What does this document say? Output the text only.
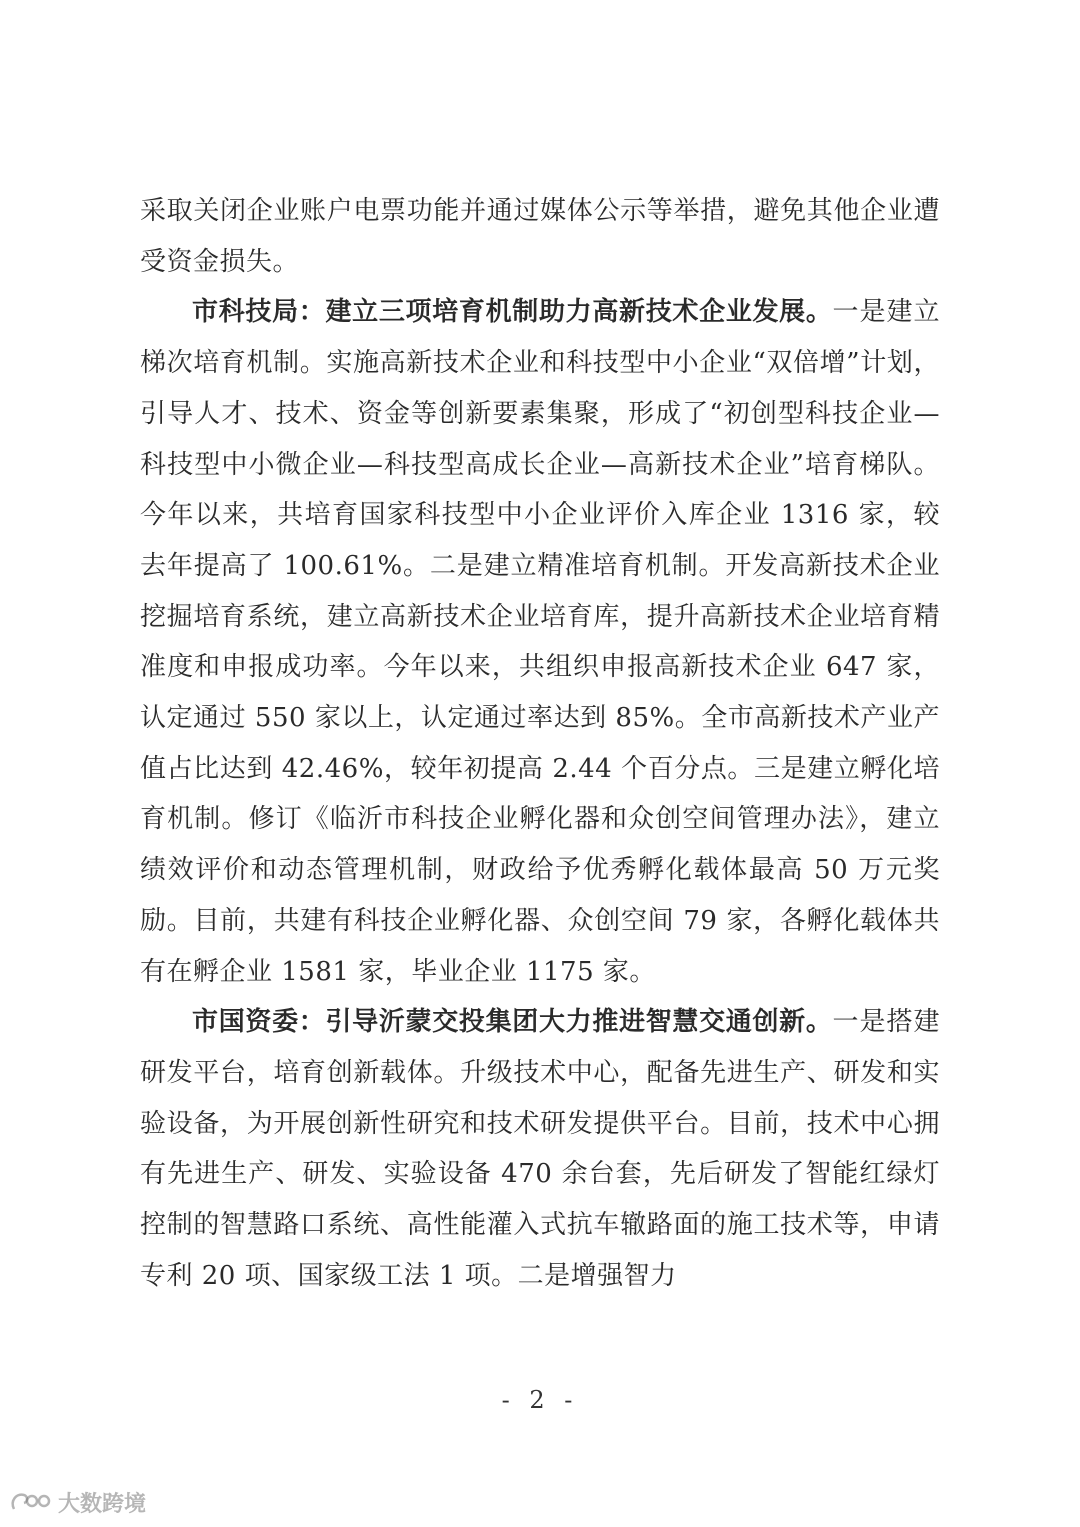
采取关闭企业账户电票功能并通过媒体公示等举措，避免其他企业遭受资金损失。

市科技局：建立三项培育机制助力高新技术企业发展。一是建立梯次培育机制。实施高新技术企业和科技型中小企业“双倍增”计划，引导人才、技术、资金等创新要素集聚，形成了“初创型科技企业—科技型中小微企业—科技型高成长企业—高新技术企业”培育梯队。今年以来，共培育国家科技型中小企业评价入库企业 1316 家，较去年提高了 100.61%。二是建立精准培育机制。开发高新技术企业挖掘培育系统，建立高新技术企业培育库，提升高新技术企业培育精准度和申报成功率。今年以来，共组织申报高新技术企业 647 家，认定通过 550 家以上，认定通过率达到 85%。全市高新技术产业产值占比达到 42.46%，较年初提高 2.44 个百分点。三是建立孵化培育机制。修订《临沂市科技企业孵化器和众创空间管理办法》，建立绩效评价和动态管理机制，财政给予优秀孵化载体最高 50 万元奖励。目前，共建有科技企业孵化器、众创空间 79 家，各孵化载体共有在孵企业 1581 家，毕业企业 1175 家。

市国资委：引导沂蒙交投集团大力推进智慧交通创新。一是搭建研发平台，培育创新载体。升级技术中心，配备先进生产、研发和实验设备，为开展创新性研究和技术研发提供平台。目前，技术中心拥有先进生产、研发、实验设备 470 余台套，先后研发了智能红绿灯控制的智慧路口系统、高性能灌入式抗车辙路面的施工技术等，申请专利 20 项、国家级工法 1 项。二是增强智力

- 2 -
大数跨境
